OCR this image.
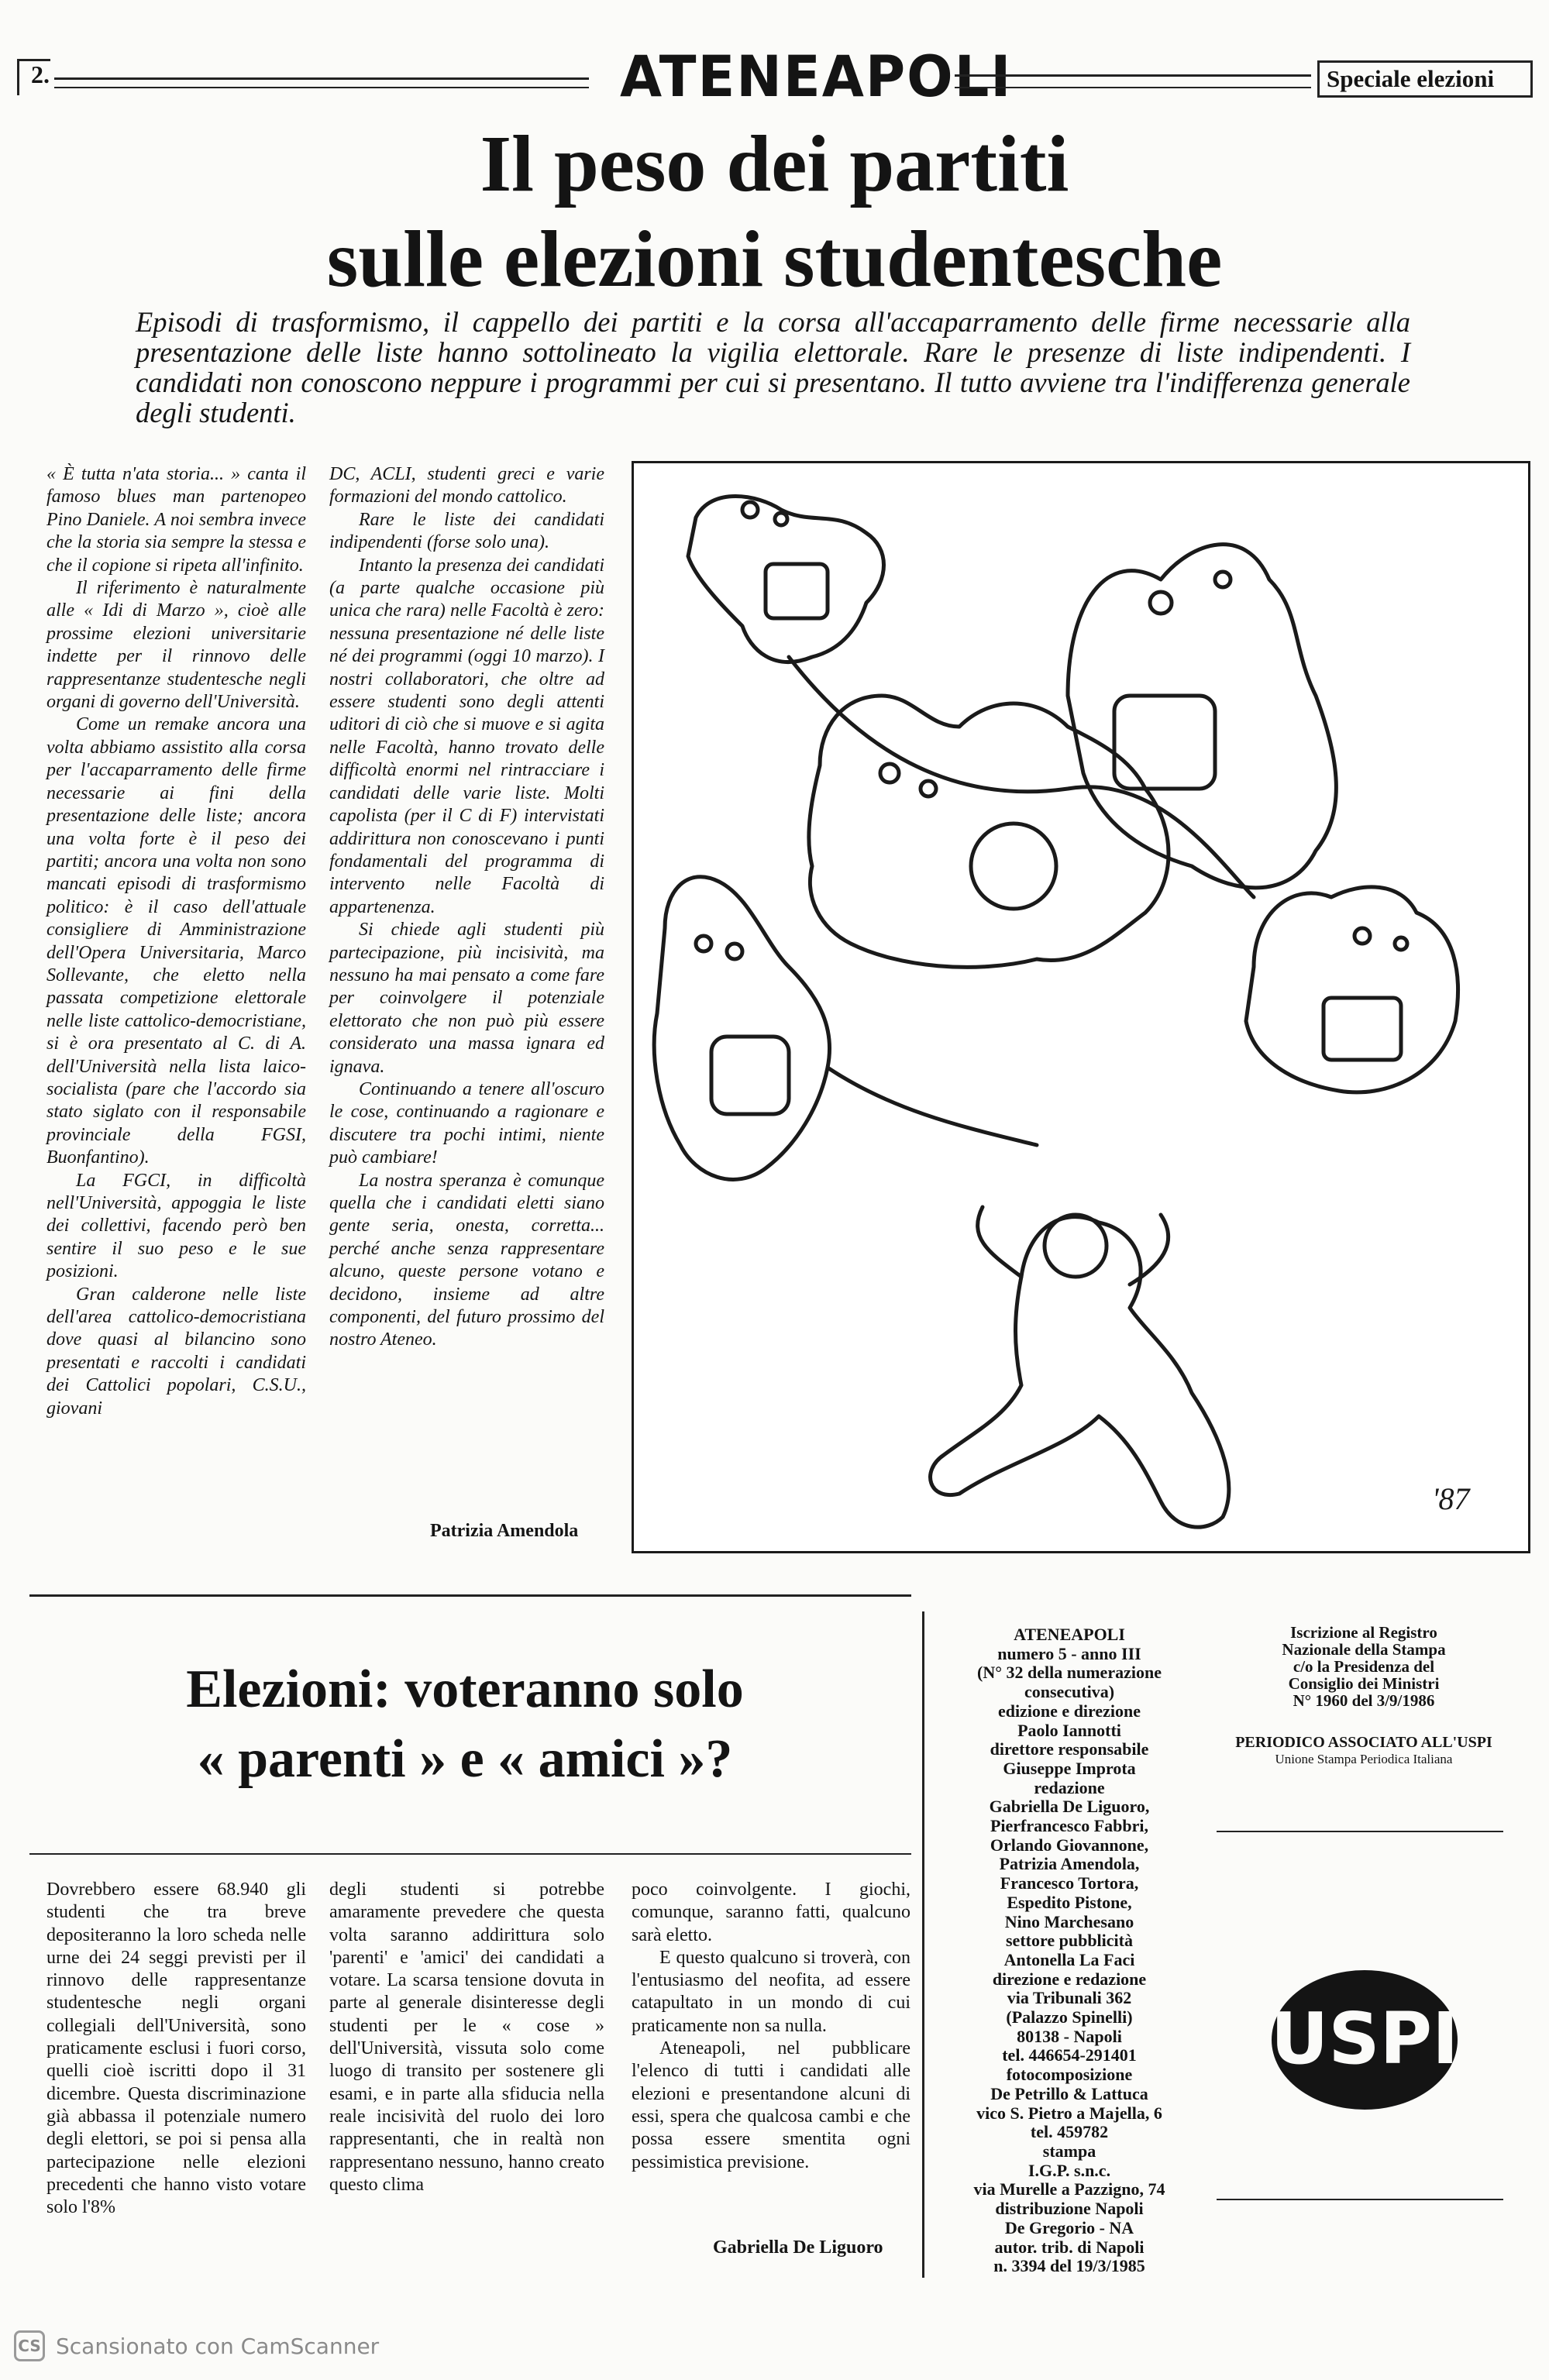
2.	ATENEAPOLI	Speciale elezioni
Il peso dei partiti
sulle elezioni studentesche
Episodi di trasformismo, il cappello dei partiti e la corsa all'accaparramento delle firme necessarie alla presentazione delle liste hanno sottolineato la vigilia elettorale. Rare le presenze di liste indipendenti. I candidati non conoscono neppure i programmi per cui si presentano. Il tutto avviene tra l'indifferenza generale degli studenti.

« È tutta n'ata storia... » canta il famoso blues man partenopeo Pino Daniele. A noi sembra invece che la storia sia sempre la stessa e che il copione si ripeta all'infinito.

Il riferimento è naturalmente alle « Idi di Marzo », cioè alle prossime elezioni universitarie indette per il rinnovo delle rappresentanze studentesche negli organi di governo dell'Università.

Come un remake ancora una volta abbiamo assistito alla corsa per l'accaparramento delle firme necessarie ai fini della presentazione delle liste; ancora una volta forte è il peso dei partiti; ancora una volta non sono mancati episodi di trasformismo politico: è il caso dell'attuale consigliere di Amministrazione dell'Opera Universitaria, Marco Sollevante, che eletto nella passata competizione elettorale nelle liste cattolico-democristiane, si è ora presentato al C. di A. dell'Università nella lista laico-socialista (pare che l'accordo sia stato siglato con il responsabile provinciale della FGSI, Buonfantino).

La FGCI, in difficoltà nell'Università, appoggia le liste dei collettivi, facendo però ben sentire il suo peso e le sue posizioni.

Gran calderone nelle liste dell'area cattolico-democristiana dove quasi al bilancino sono presentati e raccolti i candidati dei Cattolici popolari, C.S.U., giovani

DC, ACLI, studenti greci e varie formazioni del mondo cattolico.

Rare le liste dei candidati indipendenti (forse solo una).

Intanto la presenza dei candidati (a parte qualche occasione più unica che rara) nelle Facoltà è zero: nessuna presentazione né delle liste né dei programmi (oggi 10 marzo). I nostri collaboratori, che oltre ad essere studenti sono degli attenti uditori di ciò che si muove e si agita nelle Facoltà, hanno trovato delle difficoltà enormi nel rintracciare i candidati delle varie liste. Molti capolista (per il C di F) intervistati addirittura non conoscevano i punti fondamentali del programma di intervento nelle Facoltà di appartenenza.

Si chiede agli studenti più partecipazione, più incisività, ma nessuno ha mai pensato a come fare per coinvolgere il potenziale elettorato che non può più essere considerato una massa ignara ed ignava.

Continuando a tenere all'oscuro le cose, continuando a ragionare e discutere tra pochi intimi, niente può cambiare!

La nostra speranza è comunque quella che i candidati eletti siano gente seria, onesta, corretta... perché anche senza rappresentare alcuno, queste persone votano e decidono, insieme ad altre componenti, del futuro prossimo del nostro Ateneo.

Patrizia Amendola
'87
Elezioni: voteranno solo
« parenti » e « amici »?

Dovrebbero essere 68.940 gli studenti che tra breve depositeranno la loro scheda nelle urne dei 24 seggi previsti per il rinnovo delle rappresentanze studentesche negli organi collegiali dell'Università, sono praticamente esclusi i fuori corso, quelli cioè iscritti dopo il 31 dicembre. Questa discriminazione già abbassa il potenziale numero degli elettori, se poi si pensa alla partecipazione nelle elezioni precedenti che hanno visto votare solo l'8%

degli studenti si potrebbe amaramente prevedere che questa volta saranno addirittura solo 'parenti' e 'amici' dei candidati a votare. La scarsa tensione dovuta in parte al generale disinteresse degli studenti per le « cose » dell'Università, vissuta solo come luogo di transito per sostenere gli esami, e in parte alla sfiducia nella reale incisività del ruolo dei loro rappresentanti, che in realtà non rappresentano nessuno, hanno creato questo clima

poco coinvolgente. I giochi, comunque, saranno fatti, qualcuno sarà eletto.

E questo qualcuno si troverà, con l'entusiasmo del neofita, ad essere catapultato in un mondo di cui praticamente non sa nulla.

Ateneapoli, nel pubblicare l'elenco di tutti i candidati alle elezioni e presentandone alcuni di essi, spera che qualcosa cambi e che possa essere smentita ogni pessimistica previsione.

Gabriella De Liguoro
ATENEAPOLI
numero 5 - anno III
(N° 32 della numerazione
consecutiva)
edizione e direzione
Paolo Iannotti
direttore responsabile
Giuseppe Improta
redazione
Gabriella De Liguoro,
Pierfrancesco Fabbri,
Orlando Giovannone,
Patrizia Amendola,
Francesco Tortora,
Espedito Pistone,
Nino Marchesano
settore pubblicità
Antonella La Faci
direzione e redazione
via Tribunali 362
(Palazzo Spinelli)
80138 - Napoli
tel. 446654-291401
fotocomposizione
De Petrillo & Lattuca
vico S. Pietro a Majella, 6
tel. 459782
stampa
I.G.P. s.n.c.
via Murelle a Pazzigno, 74
distribuzione Napoli
De Gregorio - NA
autor. trib. di Napoli
n. 3394 del 19/3/1985
Iscrizione al Registro
Nazionale della Stampa
c/o la Presidenza del
Consiglio dei Ministri
N° 1960 del 3/9/1986
PERIODICO ASSOCIATO ALL'USPI
Unione Stampa Periodica Italiana
USPI
CS Scansionato con CamScanner
